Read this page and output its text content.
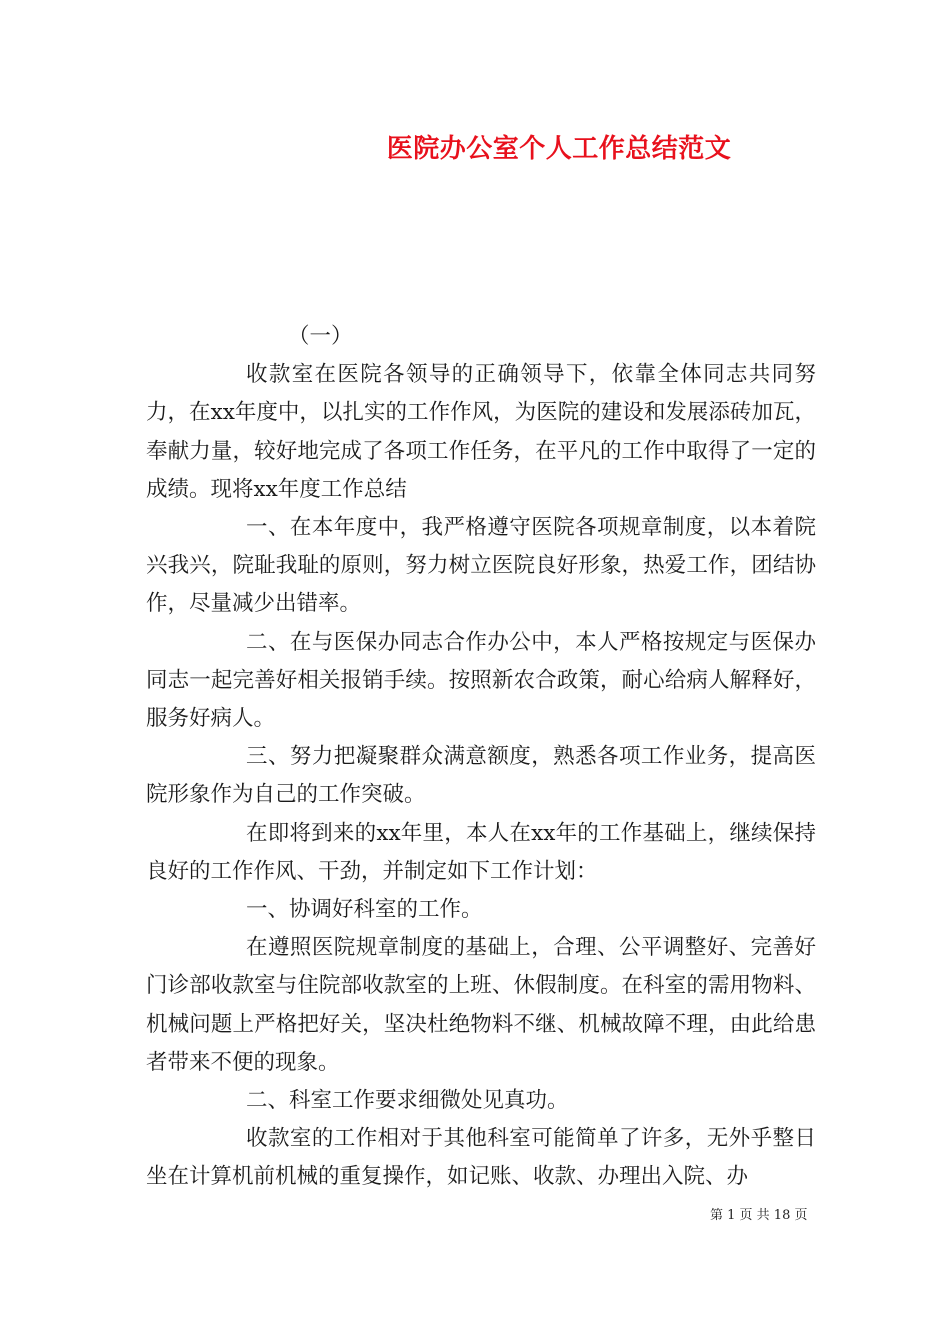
医院办公室个人工作总结范文

（一）

收款室在医院各领导的正确领导下，依靠全体同志共同努力，在xx年度中，以扎实的工作作风，为医院的建设和发展添砖加瓦，奉献力量，较好地完成了各项工作任务，在平凡的工作中取得了一定的成绩。现将xx年度工作总结

一、在本年度中，我严格遵守医院各项规章制度，以本着院兴我兴，院耻我耻的原则，努力树立医院良好形象，热爱工作，团结协作，尽量减少出错率。

二、在与医保办同志合作办公中，本人严格按规定与医保办同志一起完善好相关报销手续。按照新农合政策，耐心给病人解释好，服务好病人。

三、努力把凝聚群众满意额度，熟悉各项工作业务，提高医院形象作为自己的工作突破。

在即将到来的xx年里，本人在xx年的工作基础上，继续保持良好的工作作风、干劲，并制定如下工作计划：

一、协调好科室的工作。

在遵照医院规章制度的基础上，合理、公平调整好、完善好门诊部收款室与住院部收款室的上班、休假制度。在科室的需用物料、机械问题上严格把好关，坚决杜绝物料不继、机械故障不理，由此给患者带来不便的现象。

二、科室工作要求细微处见真功。

收款室的工作相对于其他科室可能简单了许多，无外乎整日坐在计算机前机械的重复操作，如记账、收款、办理出入院、办

第 1 页 共 18 页
